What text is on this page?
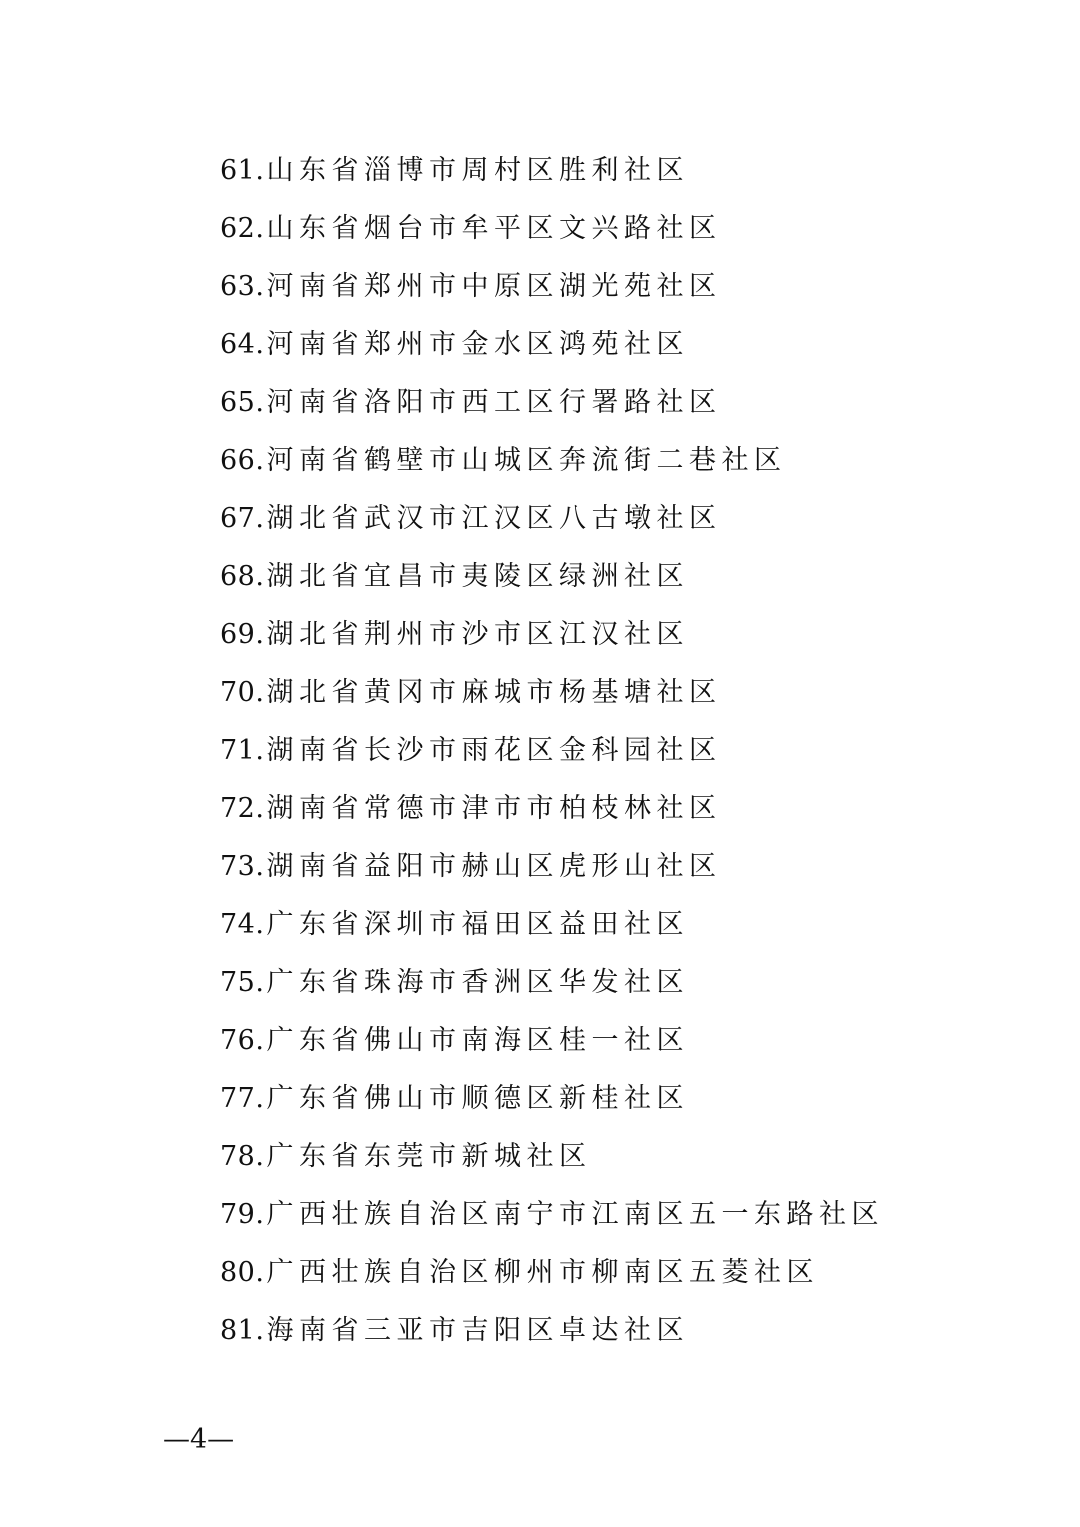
61. 山东省淄博市周村区胜利社区
62. 山东省烟台市牟平区文兴路社区
63. 河南省郑州市中原区湖光苑社区
64. 河南省郑州市金水区鸿苑社区
65. 河南省洛阳市西工区行署路社区
66. 河南省鹤壁市山城区奔流街二巷社区
67. 湖北省武汉市江汉区八古墩社区
68. 湖北省宜昌市夷陵区绿洲社区
69. 湖北省荆州市沙市区江汉社区
70. 湖北省黄冈市麻城市杨基塘社区
71. 湖南省长沙市雨花区金科园社区
72. 湖南省常德市津市市柏枝林社区
73. 湖南省益阳市赫山区虎形山社区
74. 广东省深圳市福田区益田社区
75. 广东省珠海市香洲区华发社区
76. 广东省佛山市南海区桂一社区
77. 广东省佛山市顺德区新桂社区
78. 广东省东莞市新城社区
79. 广西壮族自治区南宁市江南区五一东路社区
80. 广西壮族自治区柳州市柳南区五菱社区
81. 海南省三亚市吉阳区卓达社区
—4—
